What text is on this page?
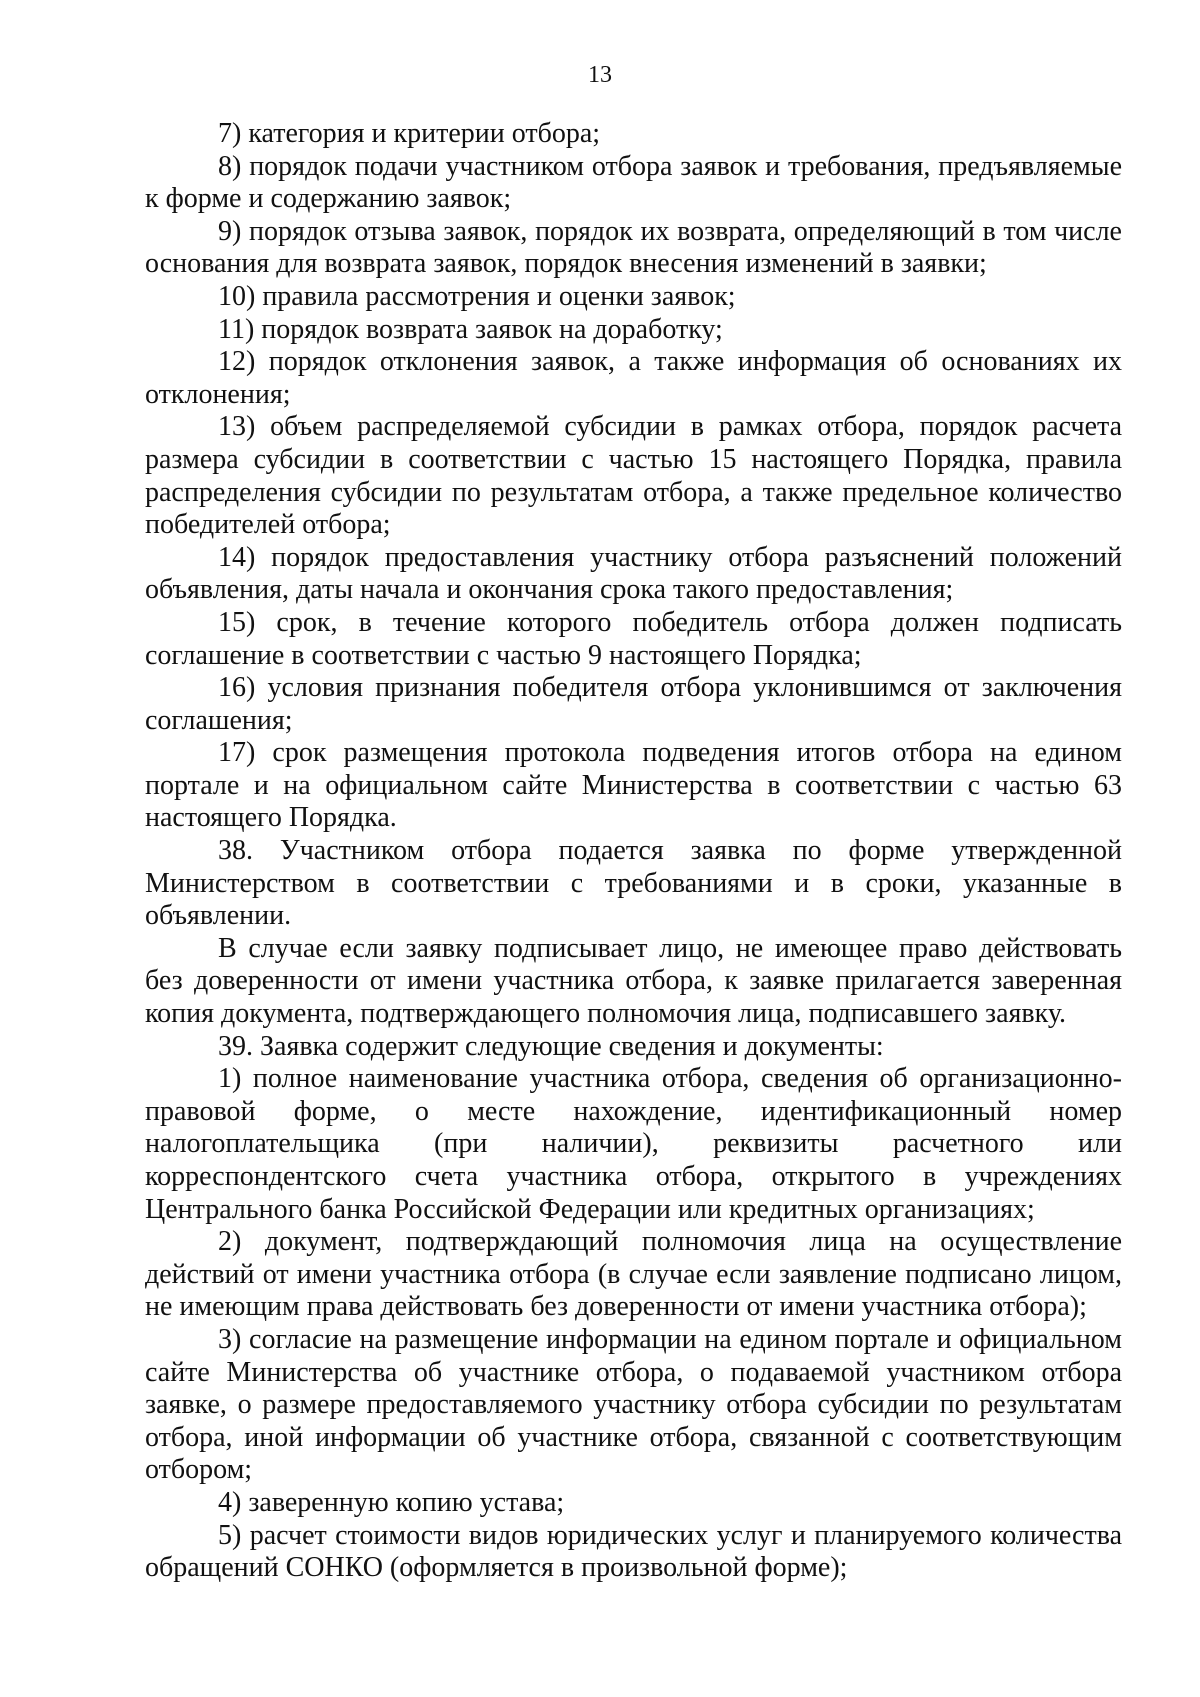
13

7) категория и критерии отбора;

8) порядок подачи участником отбора заявок и требования, предъявляемые к форме и содержанию заявок;

9) порядок отзыва заявок, порядок их возврата, определяющий в том числе основания для возврата заявок, порядок внесения изменений в заявки;

10) правила рассмотрения и оценки заявок;

11) порядок возврата заявок на доработку;

12) порядок отклонения заявок, а также информация об основаниях их отклонения;

13) объем распределяемой субсидии в рамках отбора, порядок расчета размера субсидии в соответствии с частью 15 настоящего Порядка, правила распределения субсидии по результатам отбора, а также предельное количество победителей отбора;

14) порядок предоставления участнику отбора разъяснений положений объявления, даты начала и окончания срока такого предоставления;

15) срок, в течение которого победитель отбора должен подписать соглашение в соответствии с частью 9 настоящего Порядка;

16) условия признания победителя отбора уклонившимся от заключения соглашения;

17) срок размещения протокола подведения итогов отбора на едином портале и на официальном сайте Министерства в соответствии с частью 63 настоящего Порядка.

38. Участником отбора подается заявка по форме утвержденной Министерством в соответствии с требованиями и в сроки, указанные в объявлении.

В случае если заявку подписывает лицо, не имеющее право действовать без доверенности от имени участника отбора, к заявке прилагается заверенная копия документа, подтверждающего полномочия лица, подписавшего заявку.

39. Заявка содержит следующие сведения и документы:

1) полное наименование участника отбора, сведения об организационно-правовой форме, о месте нахождение, идентификационный номер налогоплательщика (при наличии), реквизиты расчетного или корреспондентского счета участника отбора, открытого в учреждениях Центрального банка Российской Федерации или кредитных организациях;

2) документ, подтверждающий полномочия лица на осуществление действий от имени участника отбора (в случае если заявление подписано лицом, не имеющим права действовать без доверенности от имени участника отбора);

3) согласие на размещение информации на едином портале и официальном сайте Министерства об участнике отбора, о подаваемой участником отбора заявке, о размере предоставляемого участнику отбора субсидии по результатам отбора, иной информации об участнике отбора, связанной с соответствующим отбором;

4) заверенную копию устава;

5) расчет стоимости видов юридических услуг и планируемого количества обращений СОНКО (оформляется в произвольной форме);
